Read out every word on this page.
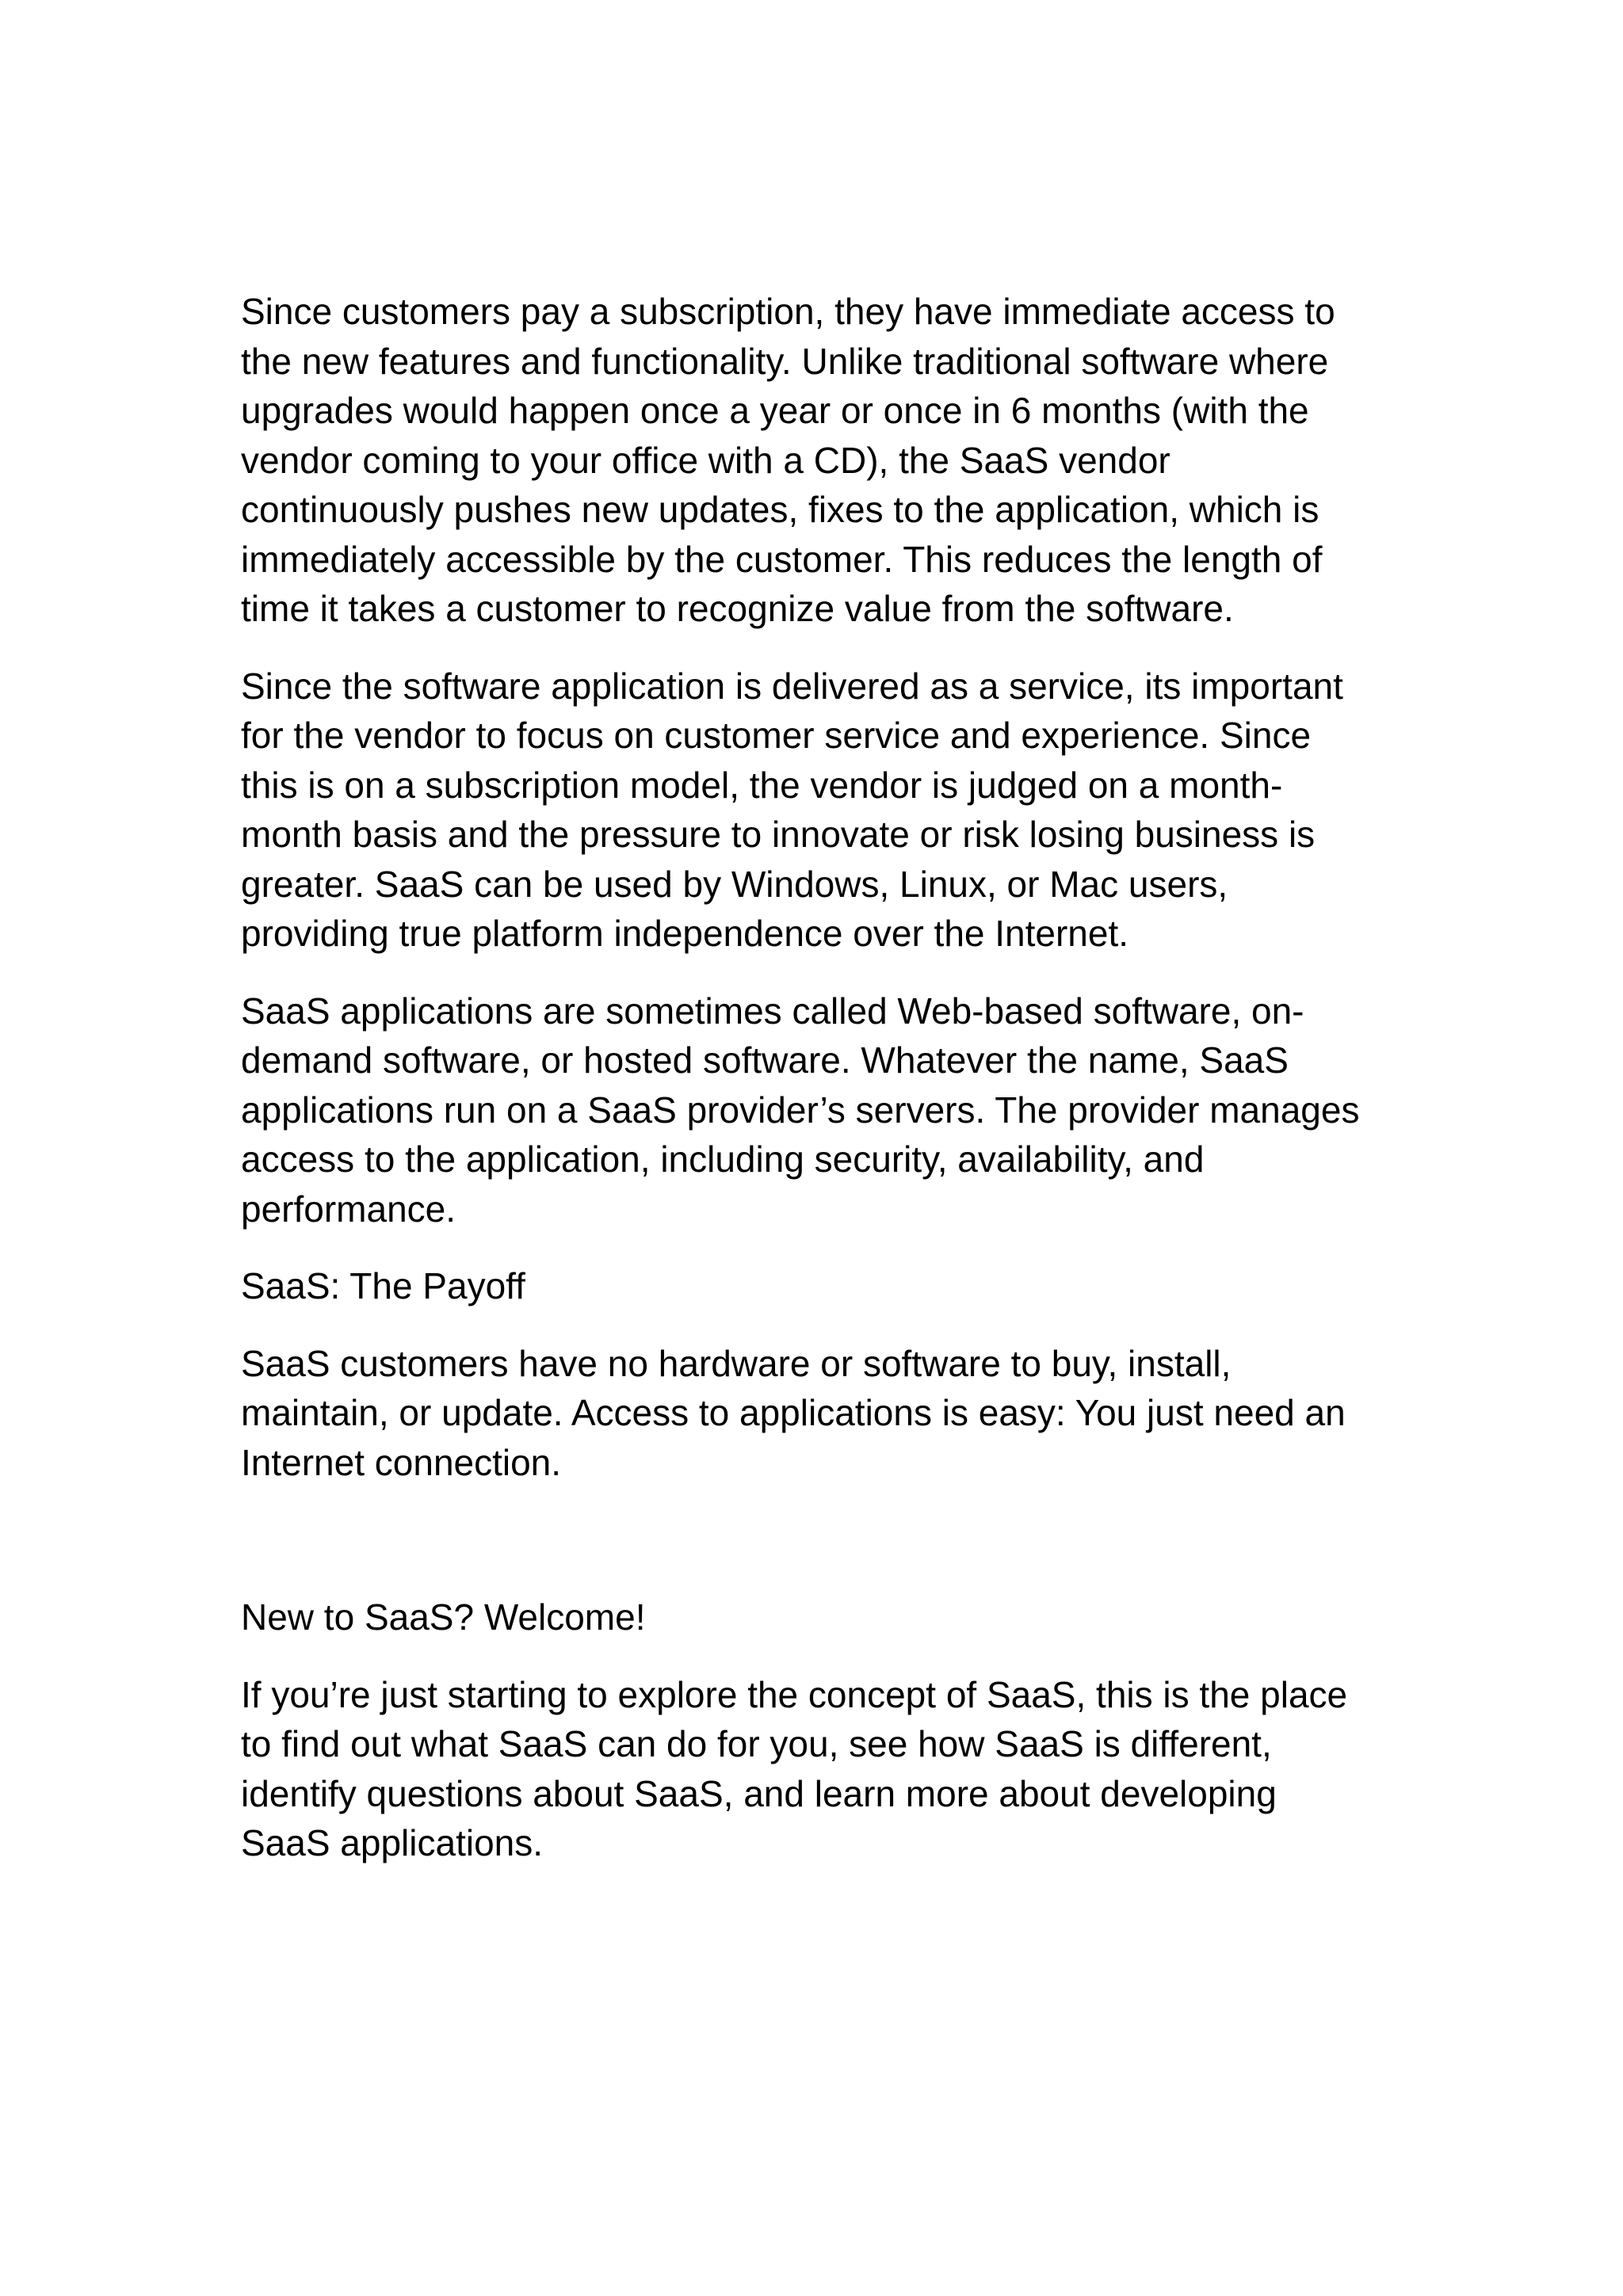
Since customers pay a subscription, they have immediate access to
the new features and functionality. Unlike traditional software where
upgrades would happen once a year or once in 6 months (with the
vendor coming to your office with a CD), the SaaS vendor
continuously pushes new updates, fixes to the application, which is
immediately accessible by the customer. This reduces the length of
time it takes a customer to recognize value from the software.

Since the software application is delivered as a service, its important
for the vendor to focus on customer service and experience. Since
this is on a subscription model, the vendor is judged on a month-
month basis and the pressure to innovate or risk losing business is
greater. SaaS can be used by Windows, Linux, or Mac users,
providing true platform independence over the Internet.

SaaS applications are sometimes called Web-based software, on-
demand software, or hosted software. Whatever the name, SaaS
applications run on a SaaS provider’s servers. The provider manages
access to the application, including security, availability, and
performance.

SaaS: The Payoff

SaaS customers have no hardware or software to buy, install,
maintain, or update. Access to applications is easy: You just need an
Internet connection.

New to SaaS? Welcome!

If you’re just starting to explore the concept of SaaS, this is the place
to find out what SaaS can do for you, see how SaaS is different,
identify questions about SaaS, and learn more about developing
SaaS applications.
